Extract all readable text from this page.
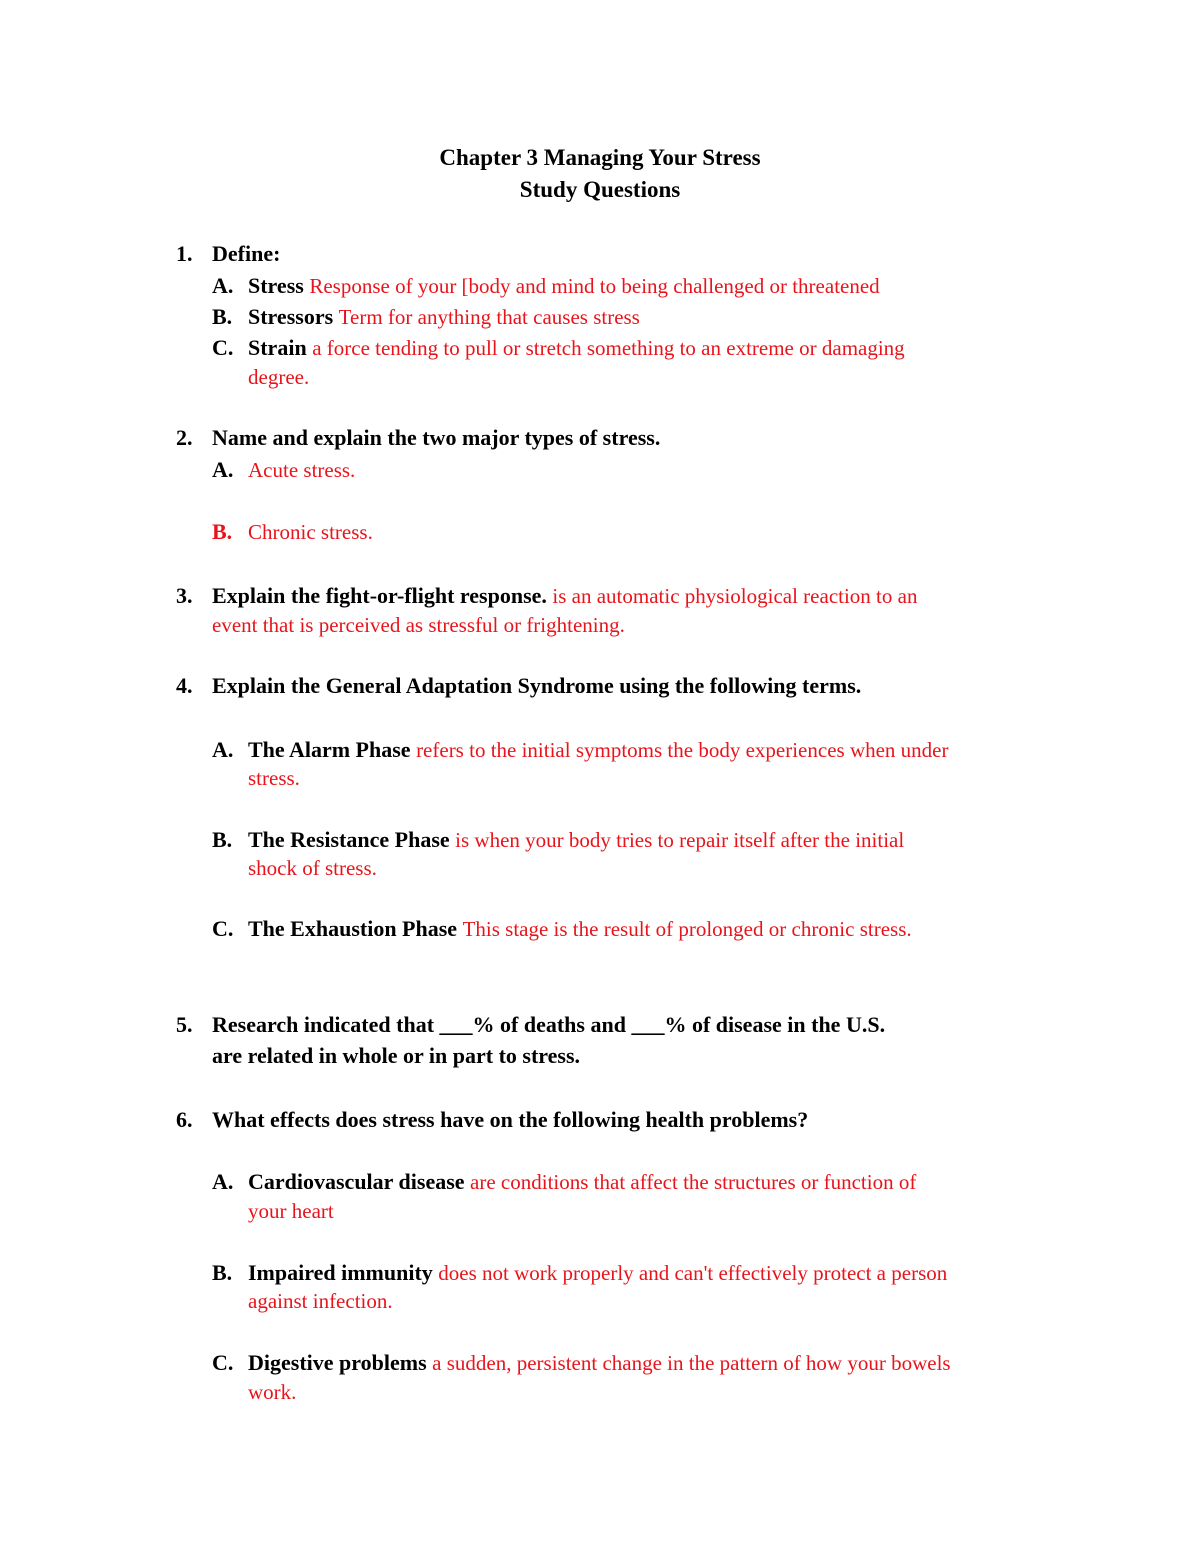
Chapter 3 Managing Your Stress
Study Questions
1. Define:
A. Stress Response of your [body and mind to being challenged or threatened
B. Stressors Term for anything that causes stress
C. Strain a force tending to pull or stretch something to an extreme or damaging
degree.
2. Name and explain the two major types of stress.
A. Acute stress.
B. Chronic stress.
3. Explain the fight-or-flight response. is an automatic physiological reaction to an
event that is perceived as stressful or frightening.
4. Explain the General Adaptation Syndrome using the following terms.
A. The Alarm Phase refers to the initial symptoms the body experiences when under
stress.
B. The Resistance Phase is when your body tries to repair itself after the initial
shock of stress.
C. The Exhaustion Phase This stage is the result of prolonged or chronic stress.
5. Research indicated that ___% of deaths and ___% of disease in the U.S.
are related in whole or in part to stress.
6. What effects does stress have on the following health problems?
A. Cardiovascular disease are conditions that affect the structures or function of
your heart
B. Impaired immunity does not work properly and can't effectively protect a person
against infection.
C. Digestive problems a sudden, persistent change in the pattern of how your bowels
work.
